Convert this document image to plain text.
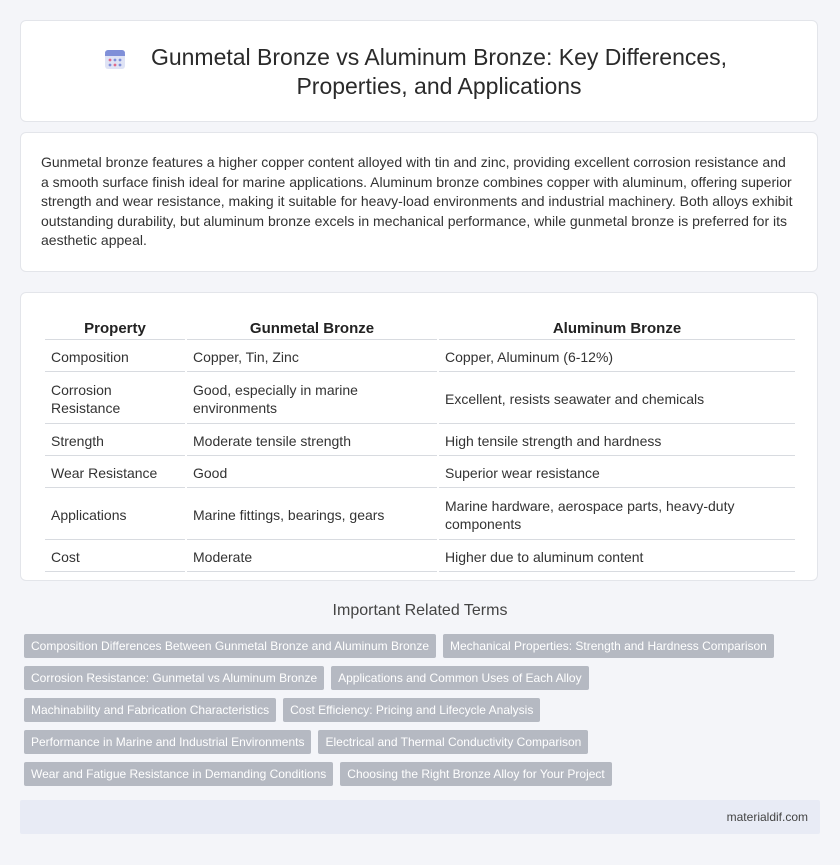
Gunmetal Bronze vs Aluminum Bronze: Key Differences,
Properties, and Applications

Gunmetal bronze features a higher copper content alloyed with tin and zinc, providing excellent corrosion resistance and a smooth surface finish ideal for marine applications. Aluminum bronze combines copper with aluminum, offering superior strength and wear resistance, making it suitable for heavy-load environments and industrial machinery. Both alloys exhibit outstanding durability, but aluminum bronze excels in mechanical performance, while gunmetal bronze is preferred for its aesthetic appeal.

Property	Gunmetal Bronze	Aluminum Bronze
Composition	Copper, Tin, Zinc	Copper, Aluminum (6-12%)
Corrosion Resistance	Good, especially in marine environments	Excellent, resists seawater and chemicals
Strength	Moderate tensile strength	High tensile strength and hardness
Wear Resistance	Good	Superior wear resistance
Applications	Marine fittings, bearings, gears	Marine hardware, aerospace parts, heavy-duty components
Cost	Moderate	Higher due to aluminum content
Important Related Terms
Composition Differences Between Gunmetal Bronze and Aluminum Bronze	Mechanical Properties: Strength and Hardness Comparison
Corrosion Resistance: Gunmetal vs Aluminum Bronze	Applications and Common Uses of Each Alloy
Machinability and Fabrication Characteristics	Cost Efficiency: Pricing and Lifecycle Analysis
Performance in Marine and Industrial Environments	Electrical and Thermal Conductivity Comparison
Wear and Fatigue Resistance in Demanding Conditions	Choosing the Right Bronze Alloy for Your Project
materialdif.com
